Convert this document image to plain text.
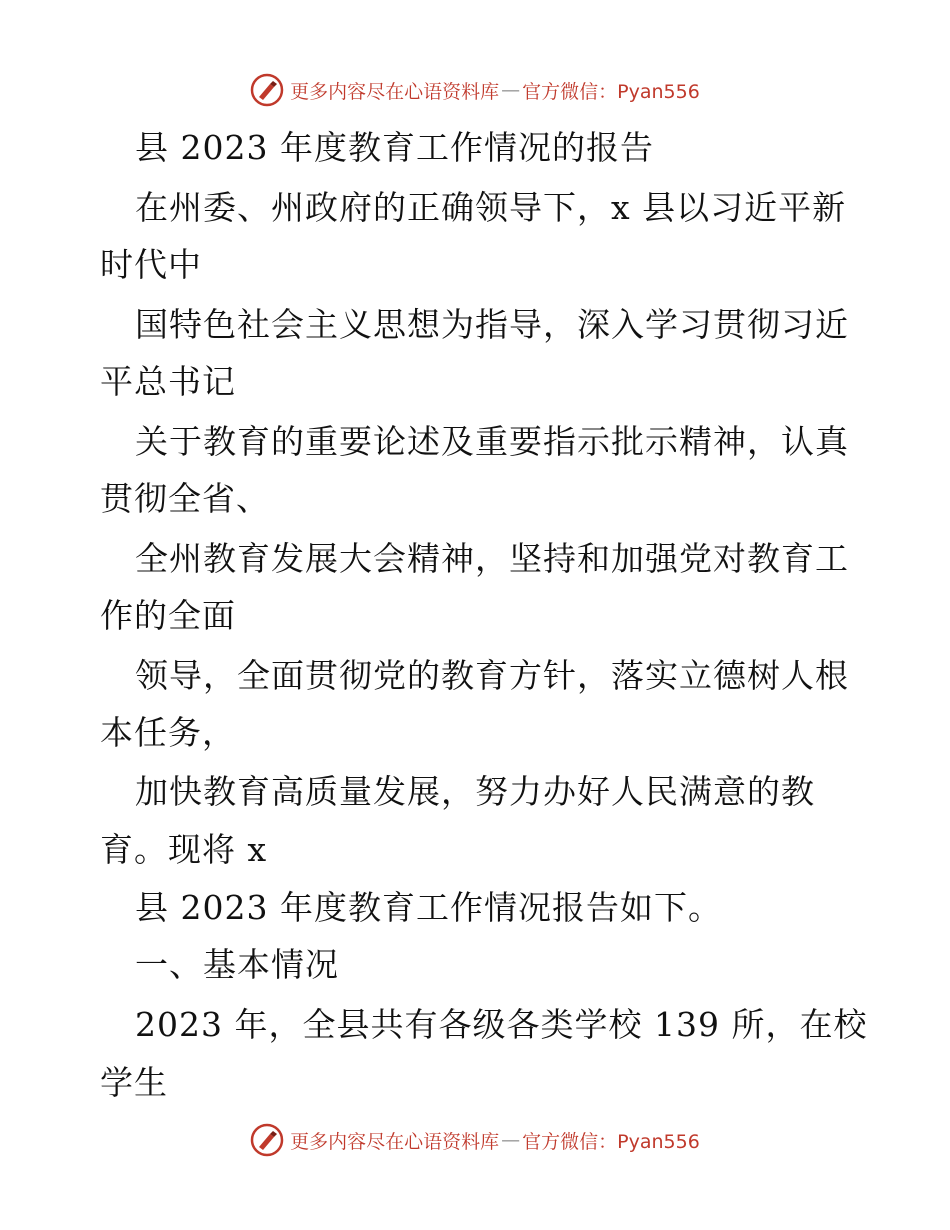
更多内容尽在心语资料库 — 官方微信：Pyan556
县 2023 年度教育工作情况的报告
在州委、州政府的正确领导下，x 县以习近平新
时代中
国特色社会主义思想为指导，深入学习贯彻习近
平总书记
关于教育的重要论述及重要指示批示精神，认真
贯彻全省、
全州教育发展大会精神，坚持和加强党对教育工
作的全面
领导，全面贯彻党的教育方针，落实立德树人根
本任务，
加快教育高质量发展，努力办好人民满意的教
育。现将 x
县 2023 年度教育工作情况报告如下。
一、基本情况
2023 年，全县共有各级各类学校 139 所，在校
学生
更多内容尽在心语资料库 — 官方微信：Pyan556
